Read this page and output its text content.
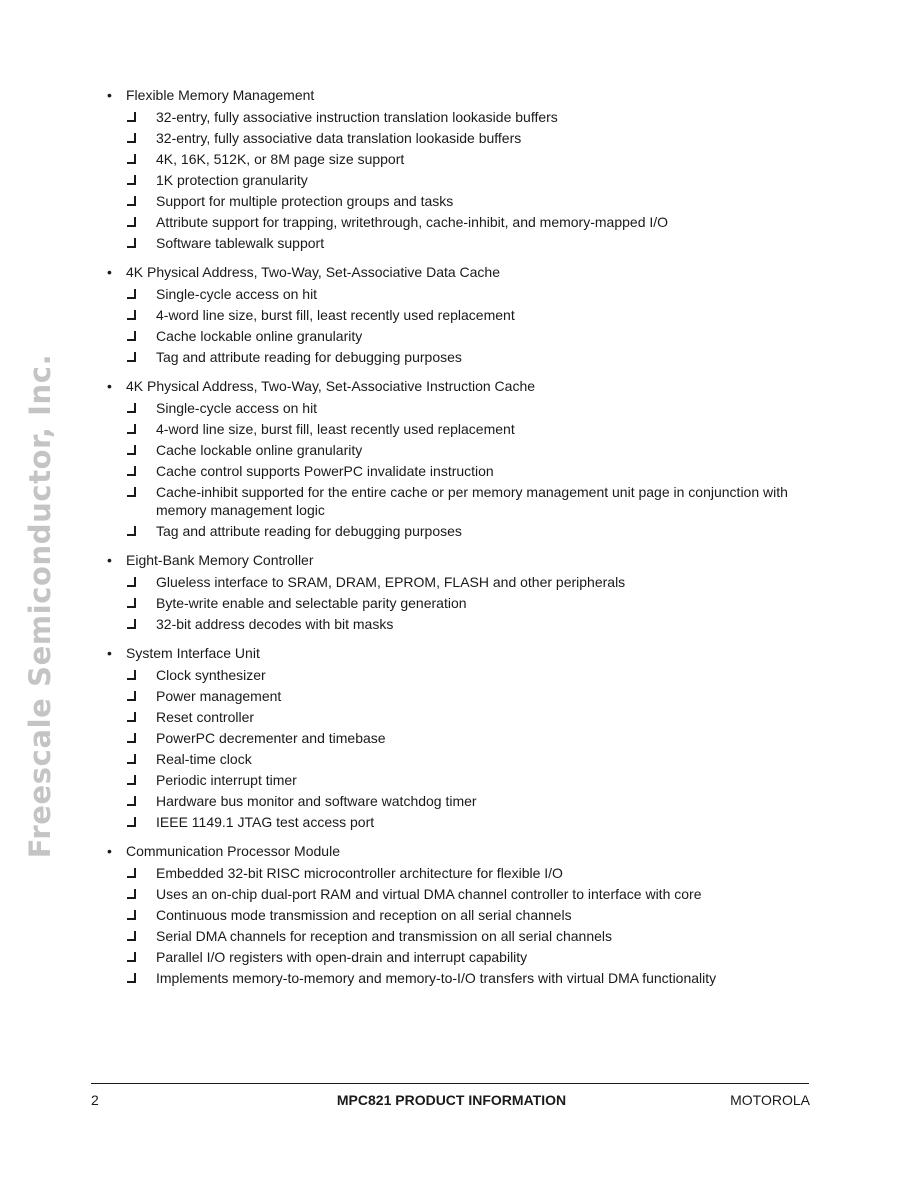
Freescale Semiconductor, Inc.
• Flexible Memory Management
32-entry, fully associative instruction translation lookaside buffers
32-entry, fully associative data translation lookaside buffers
4K, 16K, 512K, or 8M page size support
1K protection granularity
Support for multiple protection groups and tasks
Attribute support for trapping, writethrough, cache-inhibit, and memory-mapped I/O
Software tablewalk support
• 4K Physical Address, Two-Way, Set-Associative Data Cache
Single-cycle access on hit
4-word line size, burst fill, least recently used replacement
Cache lockable online granularity
Tag and attribute reading for debugging purposes
• 4K Physical Address, Two-Way, Set-Associative Instruction Cache
Single-cycle access on hit
4-word line size, burst fill, least recently used replacement
Cache lockable online granularity
Cache control supports PowerPC invalidate instruction
Cache-inhibit supported for the entire cache or per memory management unit page in conjunction with memory management logic
Tag and attribute reading for debugging purposes
• Eight-Bank Memory Controller
Glueless interface to SRAM, DRAM, EPROM, FLASH and other peripherals
Byte-write enable and selectable parity generation
32-bit address decodes with bit masks
• System Interface Unit
Clock synthesizer
Power management
Reset controller
PowerPC decrementer and timebase
Real-time clock
Periodic interrupt timer
Hardware bus monitor and software watchdog timer
IEEE 1149.1 JTAG test access port
• Communication Processor Module
Embedded 32-bit RISC microcontroller architecture for flexible I/O
Uses an on-chip dual-port RAM and virtual DMA channel controller to interface with core
Continuous mode transmission and reception on all serial channels
Serial DMA channels for reception and transmission on all serial channels
Parallel I/O registers with open-drain and interrupt capability
Implements memory-to-memory and memory-to-I/O transfers with virtual DMA functionality
2	MPC821 PRODUCT INFORMATION	MOTOROLA
